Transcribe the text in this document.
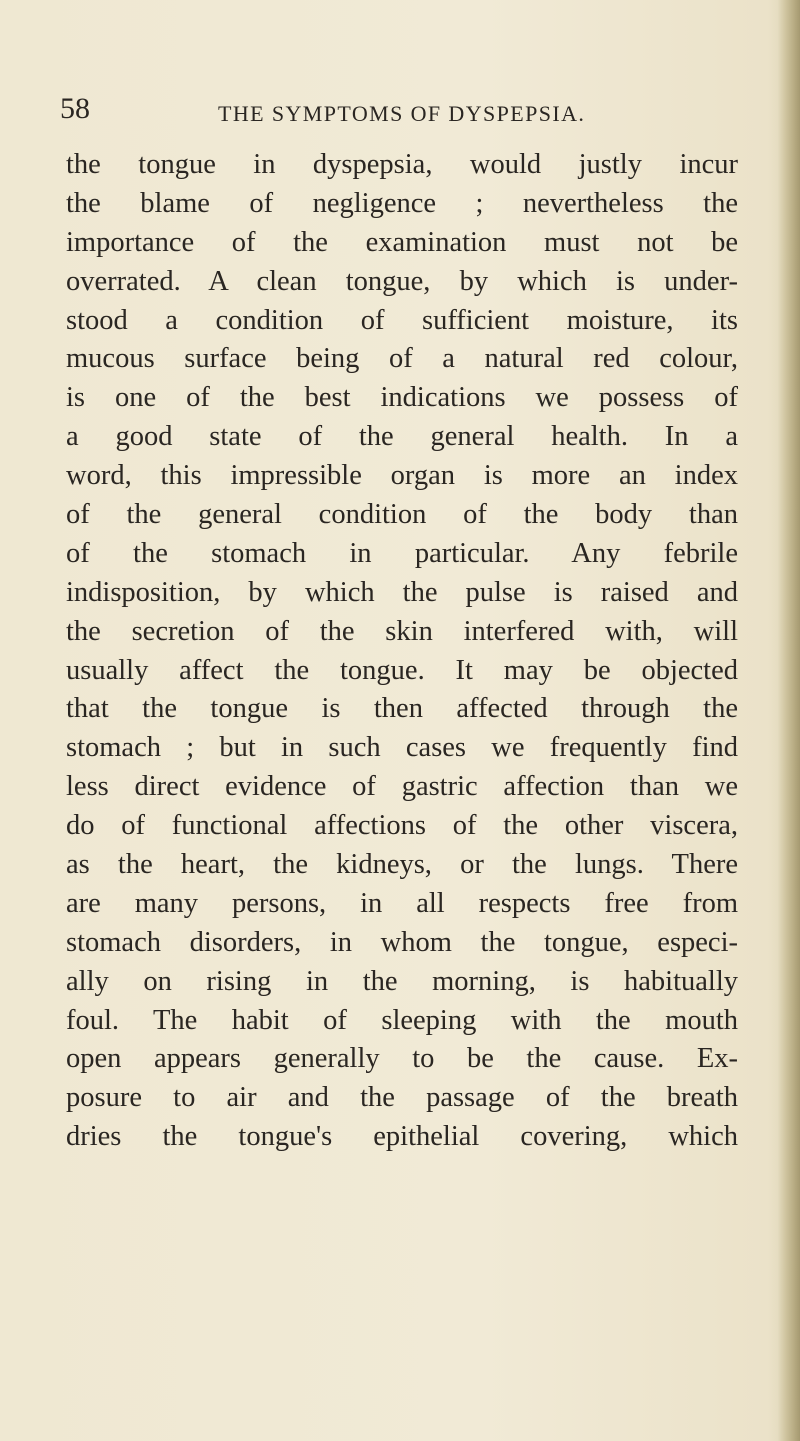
58	THE SYMPTOMS OF DYSPEPSIA.
the tongue in dyspepsia, would justly incur
the blame of negligence ; nevertheless the
importance of the examination must not be
overrated. A clean tongue, by which is under-
stood a condition of sufficient moisture, its
mucous surface being of a natural red colour,
is one of the best indications we possess of
a good state of the general health. In a
word, this impressible organ is more an index
of the general condition of the body than
of the stomach in particular. Any febrile
indisposition, by which the pulse is raised and
the secretion of the skin interfered with, will
usually affect the tongue. It may be objected
that the tongue is then affected through the
stomach ; but in such cases we frequently find
less direct evidence of gastric affection than we
do of functional affections of the other viscera,
as the heart, the kidneys, or the lungs. There
are many persons, in all respects free from
stomach disorders, in whom the tongue, especi-
ally on rising in the morning, is habitually
foul. The habit of sleeping with the mouth
open appears generally to be the cause. Ex-
posure to air and the passage of the breath
dries the tongue's epithelial covering, which
